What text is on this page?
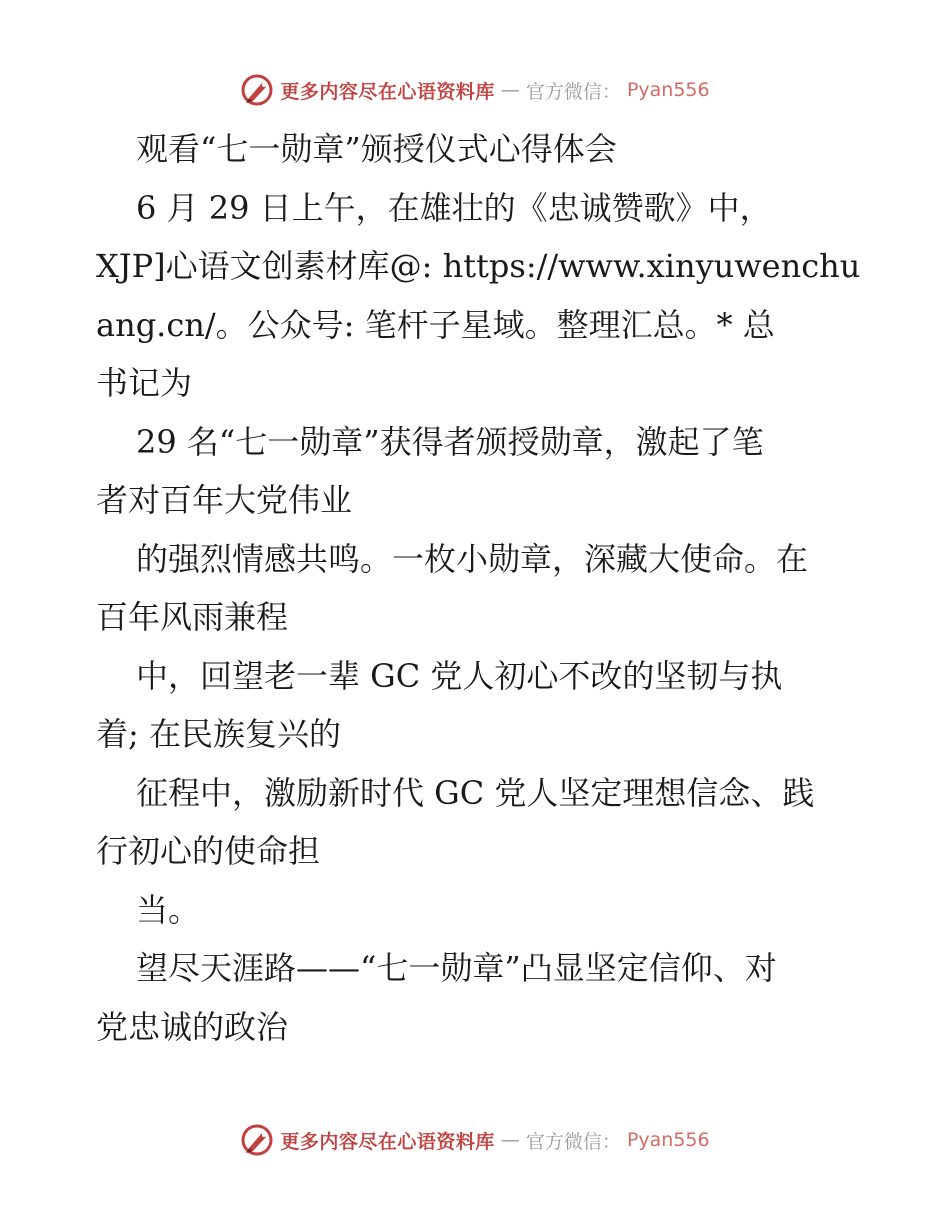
更多内容尽在心语资料库 — 官方微信： Pyan556

观看“七一勋章”颁授仪式心得体会

6 月 29 日上午，在雄壮的《忠诚赞歌》中，

XJP]心语文创素材库@: https://www.xinyuwenchu

ang.cn/。公众号: 笔杆子星域。整理汇总。* 总

书记为

29 名“七一勋章”获得者颁授勋章，激起了笔

者对百年大党伟业

的强烈情感共鸣。一枚小勋章，深藏大使命。在

百年风雨兼程

中，回望老一辈 GC 党人初心不改的坚韧与执

着; 在民族复兴的

征程中，激励新时代 GC 党人坚定理想信念、践

行初心的使命担

当。

望尽天涯路——“七一勋章”凸显坚定信仰、对

党忠诚的政治

更多内容尽在心语资料库 — 官方微信： Pyan556
